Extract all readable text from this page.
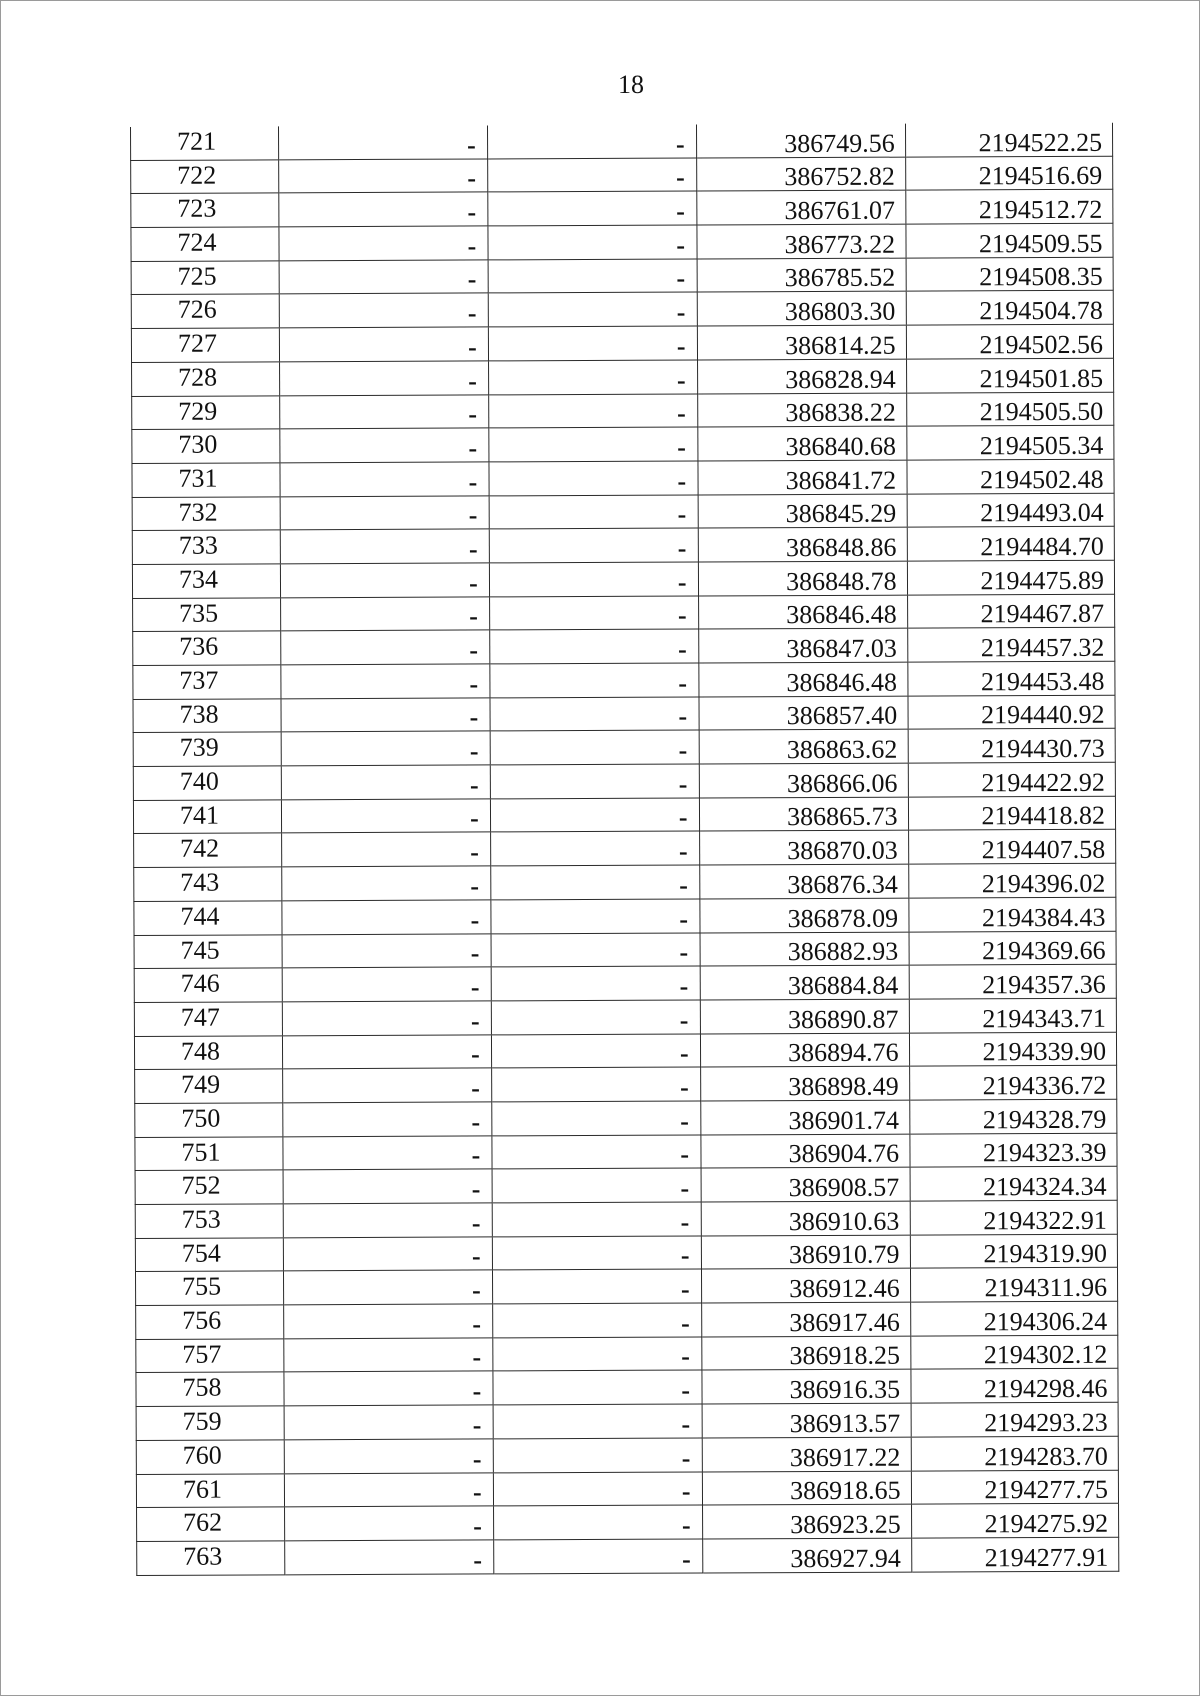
18
721	-	-	386749.56	2194522.25
722	-	-	386752.82	2194516.69
723	-	-	386761.07	2194512.72
724	-	-	386773.22	2194509.55
725	-	-	386785.52	2194508.35
726	-	-	386803.30	2194504.78
727	-	-	386814.25	2194502.56
728	-	-	386828.94	2194501.85
729	-	-	386838.22	2194505.50
730	-	-	386840.68	2194505.34
731	-	-	386841.72	2194502.48
732	-	-	386845.29	2194493.04
733	-	-	386848.86	2194484.70
734	-	-	386848.78	2194475.89
735	-	-	386846.48	2194467.87
736	-	-	386847.03	2194457.32
737	-	-	386846.48	2194453.48
738	-	-	386857.40	2194440.92
739	-	-	386863.62	2194430.73
740	-	-	386866.06	2194422.92
741	-	-	386865.73	2194418.82
742	-	-	386870.03	2194407.58
743	-	-	386876.34	2194396.02
744	-	-	386878.09	2194384.43
745	-	-	386882.93	2194369.66
746	-	-	386884.84	2194357.36
747	-	-	386890.87	2194343.71
748	-	-	386894.76	2194339.90
749	-	-	386898.49	2194336.72
750	-	-	386901.74	2194328.79
751	-	-	386904.76	2194323.39
752	-	-	386908.57	2194324.34
753	-	-	386910.63	2194322.91
754	-	-	386910.79	2194319.90
755	-	-	386912.46	2194311.96
756	-	-	386917.46	2194306.24
757	-	-	386918.25	2194302.12
758	-	-	386916.35	2194298.46
759	-	-	386913.57	2194293.23
760	-	-	386917.22	2194283.70
761	-	-	386918.65	2194277.75
762	-	-	386923.25	2194275.92
763	-	-	386927.94	2194277.91
